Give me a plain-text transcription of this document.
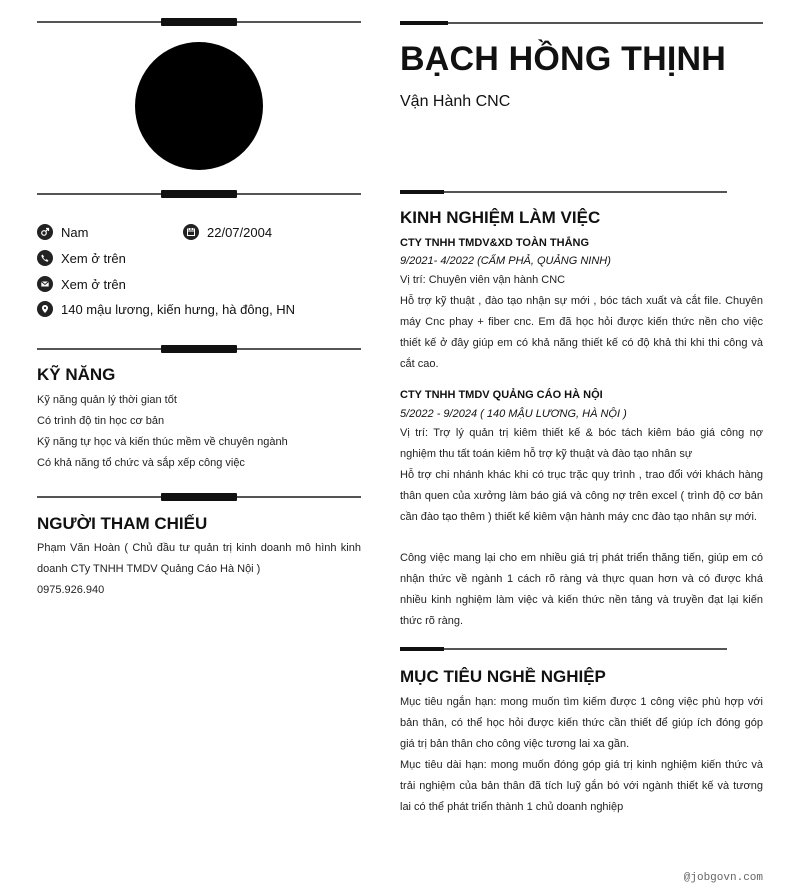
Nam	22/07/2004
Xem ở trên
Xem ở trên
140 mậu lương, kiến hưng, hà đông, HN
KỸ NĂNG
Kỹ năng quản lý thời gian tốt
Có trình độ tin học cơ bản
Kỹ năng tự học và kiến thúc mềm về chuyên ngành
Có khả năng tổ chức và sắp xếp công việc
NGƯỜI THAM CHIẾU
Phạm Văn Hoàn ( Chủ đầu tư quản trị kinh doanh mô hình kinh doanh CTy TNHH TMDV Quảng Cáo Hà Nội )
0975.926.940
BẠCH HỒNG THỊNH
Vận Hành CNC
KINH NGHIỆM LÀM VIỆC
CTY TNHH TMDV&XD TOÀN THẮNG
9/2021- 4/2022 (CẨM PHẢ, QUẢNG NINH)
Vị trí: Chuyên viên vận hành CNC
Hỗ trợ kỹ thuật , đào tạo nhận sự mới , bóc tách xuất và cắt file. Chuyên máy Cnc phay + fiber cnc. Em đã học hỏi được kiến thức nền cho việc thiết kế ở đây giúp em có khả năng thiết kế có độ khả thi khi thi công và cắt cao.
CTY TNHH TMDV QUẢNG CÁO HÀ NỘI
5/2022 - 9/2024 ( 140 MẬU LƯƠNG, HÀ NỘI )
Vị trí: Trợ lý quản trị kiêm thiết kế & bóc tách kiêm báo giá công nợ nghiệm thu tất toán kiêm hỗ trợ kỹ thuật và đào tạo nhân sự
Hỗ trợ chi nhánh khác khi có trục trặc quy trình , trao đổi với khách hàng thân quen của xưởng làm báo giá và công nợ trên excel ( trình độ cơ bản cần đào tạo thêm ) thiết kế kiêm vận hành máy cnc đào tạo nhân sự mới.
Công việc mang lại cho em nhiều giá trị phát triển thăng tiến, giúp em có nhận thức về ngành 1 cách rõ ràng và thực quan hơn và có được khá nhiều kinh nghiệm làm việc và kiến thức nền tảng và truyền đạt lại kiến thức rõ ràng.
MỤC TIÊU NGHỀ NGHIỆP
Mục tiêu ngắn hạn: mong muốn tìm kiếm được 1 công việc phù hợp với bản thân, có thể học hỏi được kiến thức cần thiết để giúp ích đóng góp giá trị bản thân cho công việc tương lai xa gần.
Mục tiêu dài hạn: mong muốn đóng góp giá trị kinh nghiệm kiến thức và trải nghiệm của bản thân đã tích luỹ gắn bó với ngành thiết kế và tương lai có thể phát triển thành 1 chủ doanh nghiệp
@jobgovn.com
